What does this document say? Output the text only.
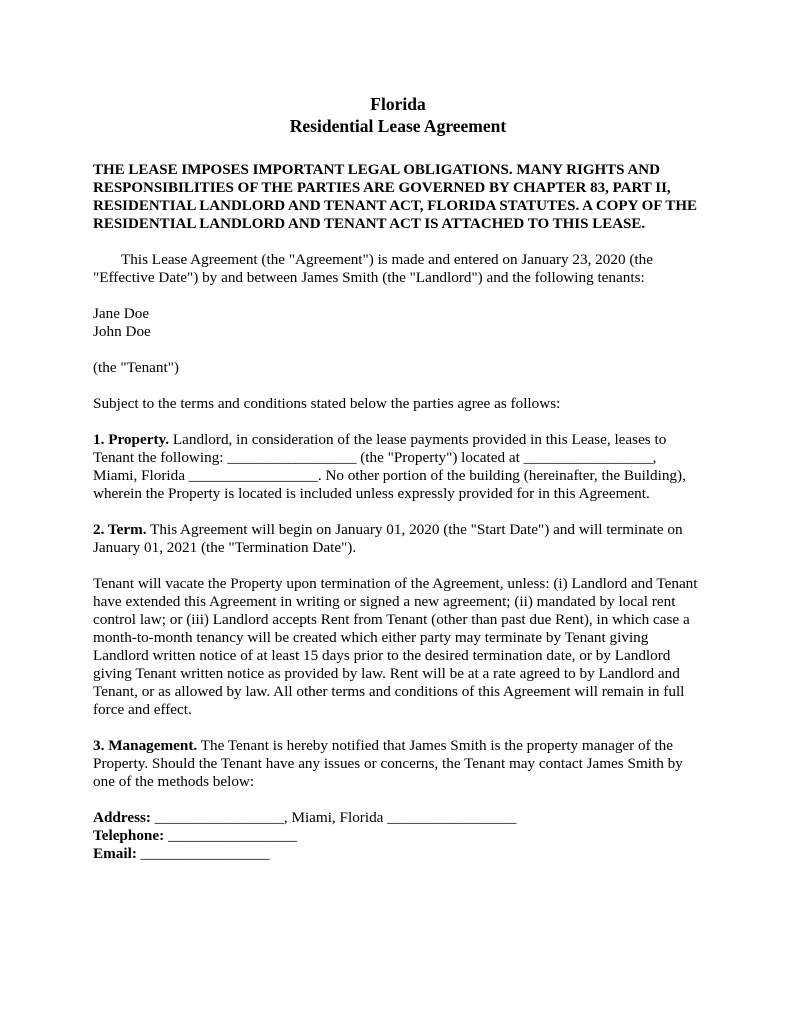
Florida
Residential Lease Agreement

THE LEASE IMPOSES IMPORTANT LEGAL OBLIGATIONS. MANY RIGHTS AND RESPONSIBILITIES OF THE PARTIES ARE GOVERNED BY CHAPTER 83, PART II, RESIDENTIAL LANDLORD AND TENANT ACT, FLORIDA STATUTES. A COPY OF THE RESIDENTIAL LANDLORD AND TENANT ACT IS ATTACHED TO THIS LEASE.

This Lease Agreement (the "Agreement") is made and entered on January 23, 2020 (the "Effective Date") by and between James Smith (the "Landlord") and the following tenants:

Jane Doe
John Doe

(the "Tenant")

Subject to the terms and conditions stated below the parties agree as follows:

1. Property. Landlord, in consideration of the lease payments provided in this Lease, leases to Tenant the following: _________________ (the "Property") located at _________________, Miami, Florida _________________. No other portion of the building (hereinafter, the Building), wherein the Property is located is included unless expressly provided for in this Agreement.

2. Term. This Agreement will begin on January 01, 2020 (the "Start Date") and will terminate on January 01, 2021 (the "Termination Date").

Tenant will vacate the Property upon termination of the Agreement, unless: (i) Landlord and Tenant have extended this Agreement in writing or signed a new agreement; (ii) mandated by local rent control law; or (iii) Landlord accepts Rent from Tenant (other than past due Rent), in which case a month-to-month tenancy will be created which either party may terminate by Tenant giving Landlord written notice of at least 15 days prior to the desired termination date, or by Landlord giving Tenant written notice as provided by law. Rent will be at a rate agreed to by Landlord and Tenant, or as allowed by law. All other terms and conditions of this Agreement will remain in full force and effect.

3. Management. The Tenant is hereby notified that James Smith is the property manager of the Property. Should the Tenant have any issues or concerns, the Tenant may contact James Smith by one of the methods below:

Address: _________________, Miami, Florida _________________
Telephone: _________________
Email: _________________
